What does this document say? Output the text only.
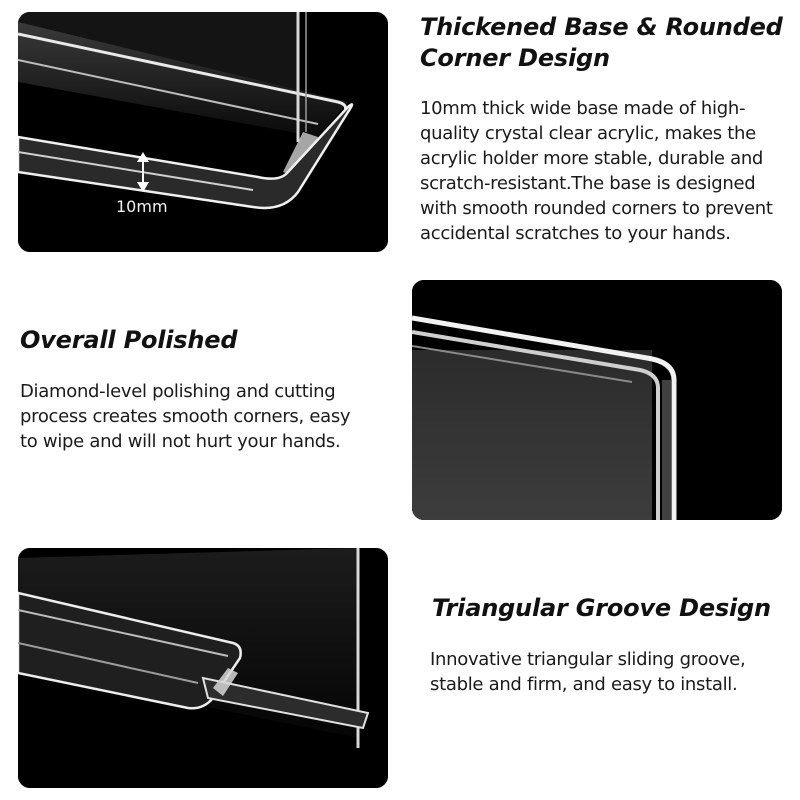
10mm
Thickened Base & Rounded Corner Design

10mm thick wide base made of high-quality crystal clear acrylic, makes the acrylic holder more stable, durable and scratch-resistant.The base is designed with smooth rounded corners to prevent accidental scratches to your hands.

Overall Polished

Diamond-level polishing and cutting process creates smooth corners, easy to wipe and will not hurt your hands.

Triangular Groove Design

Innovative triangular sliding groove, stable and firm, and easy to install.
